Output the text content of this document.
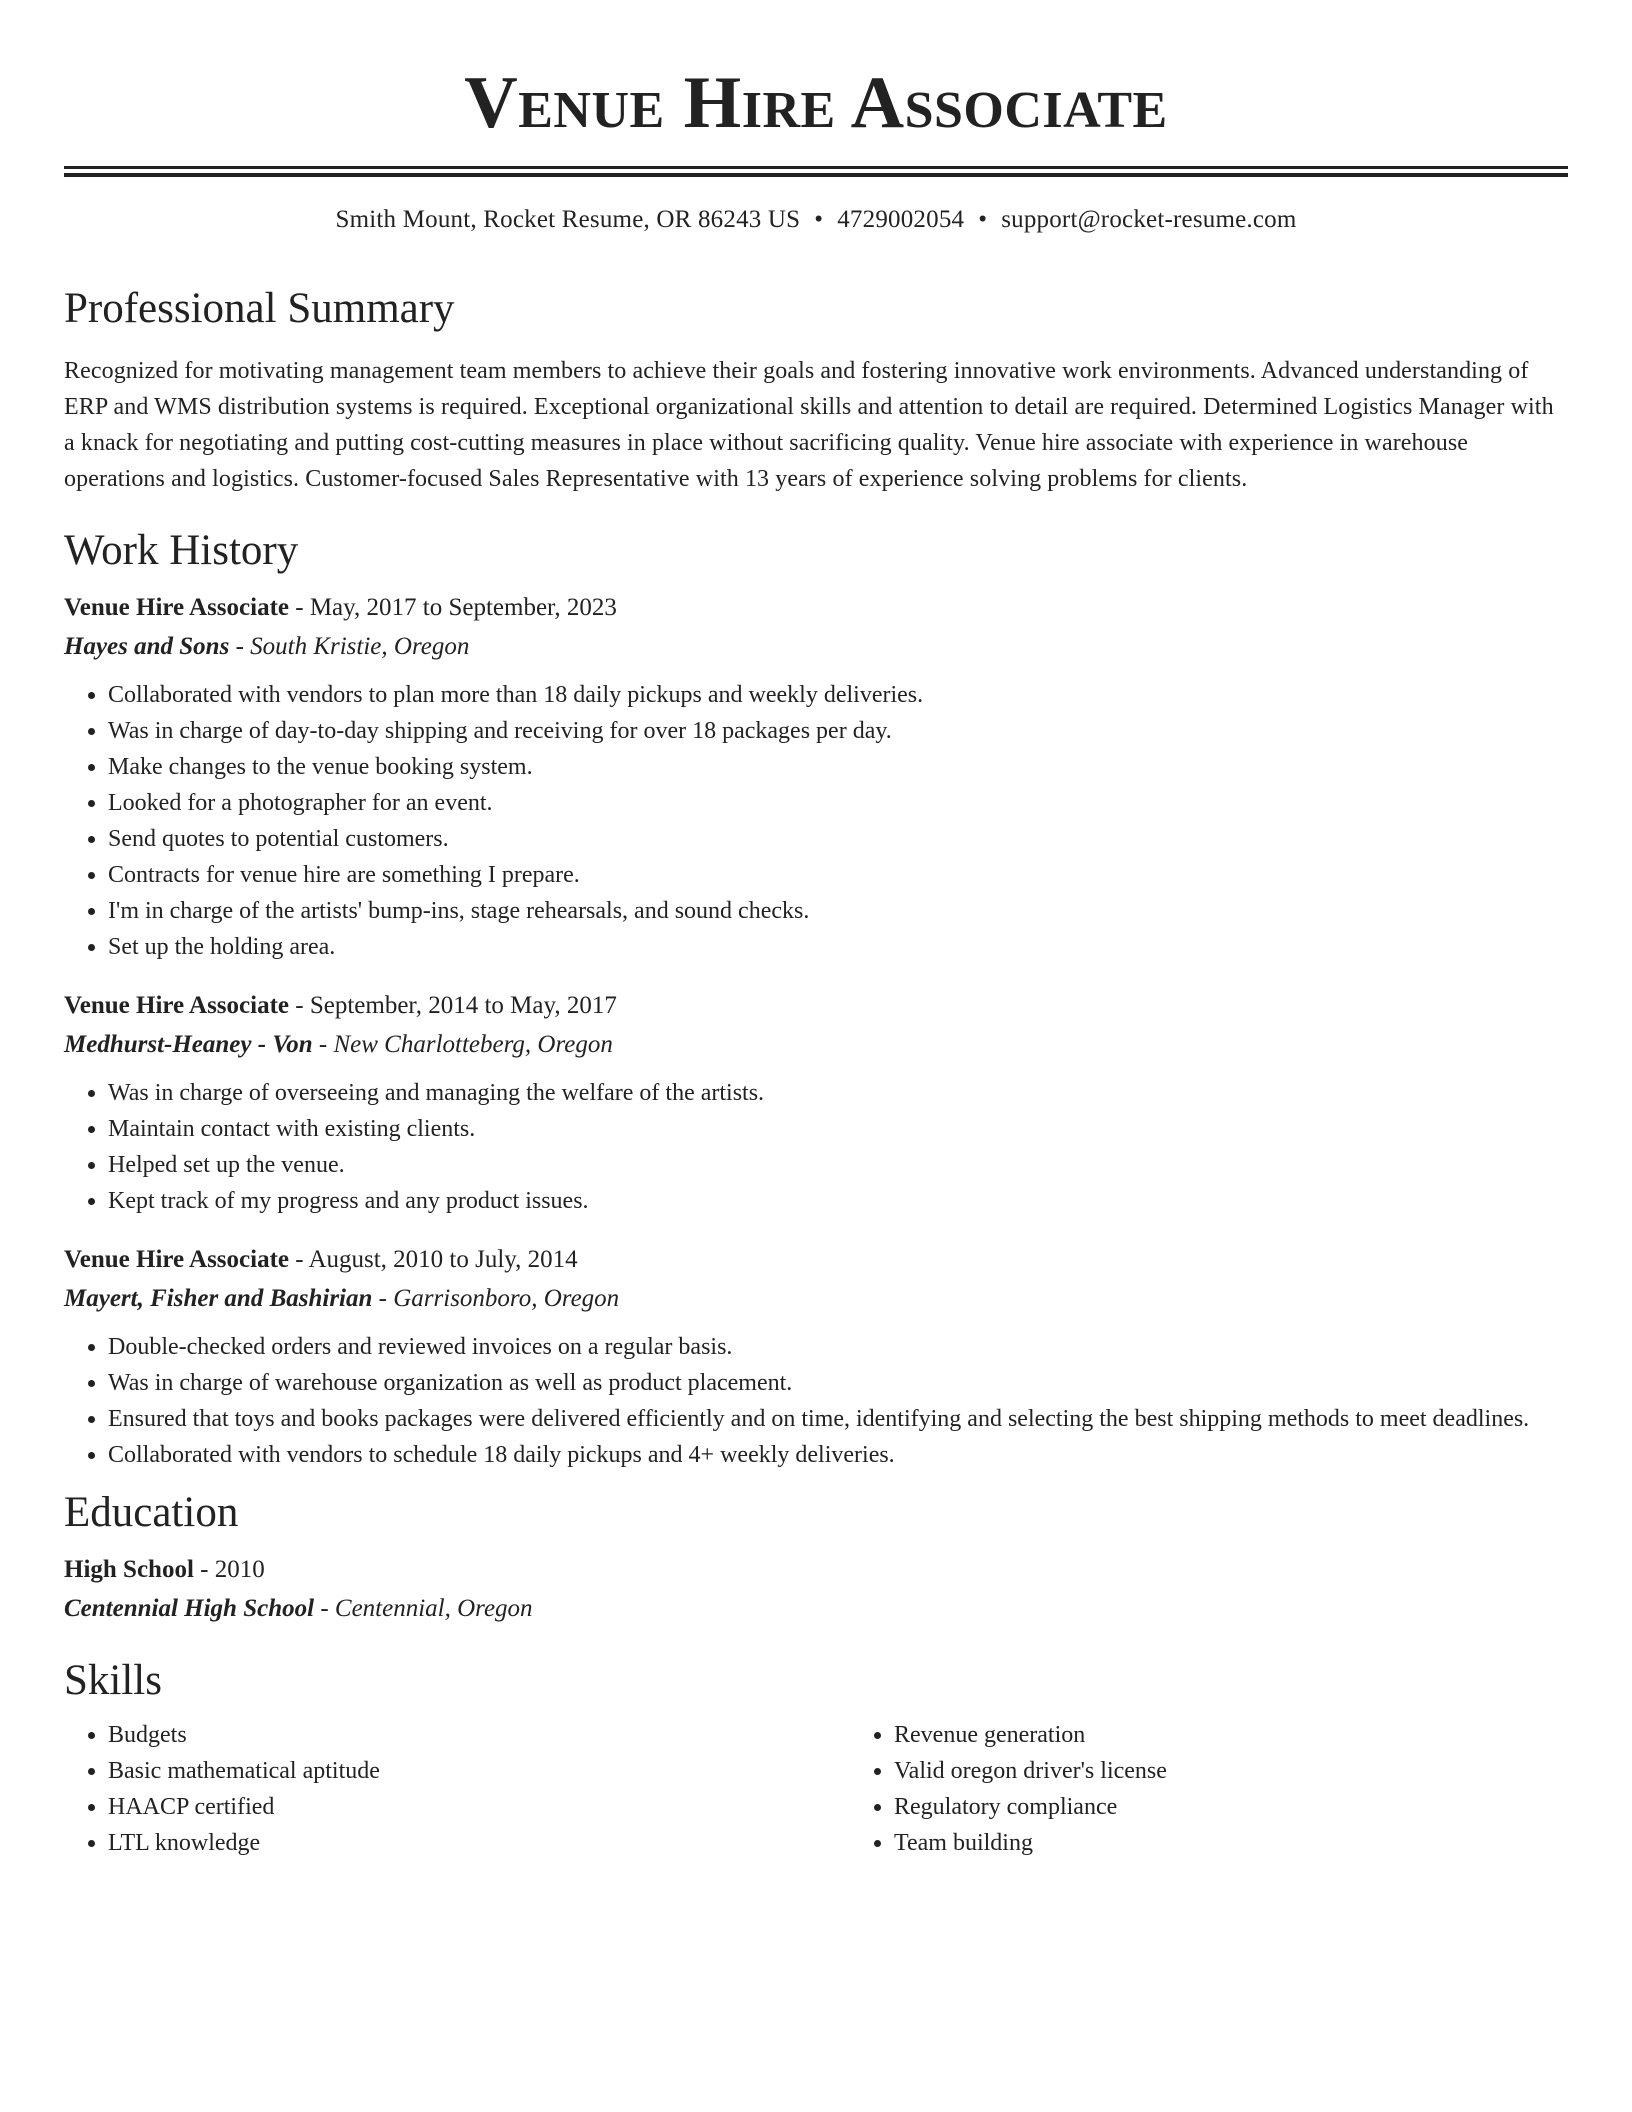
Venue Hire Associate
Smith Mount, Rocket Resume, OR 86243 US • 4729002054 • support@rocket-resume.com
Professional Summary

Recognized for motivating management team members to achieve their goals and fostering innovative work environments. Advanced understanding of ERP and WMS distribution systems is required. Exceptional organizational skills and attention to detail are required. Determined Logistics Manager with a knack for negotiating and putting cost-cutting measures in place without sacrificing quality. Venue hire associate with experience in warehouse operations and logistics. Customer-focused Sales Representative with 13 years of experience solving problems for clients.

Work History
Venue Hire Associate - May, 2017 to September, 2023
Hayes and Sons - South Kristie, Oregon
• Collaborated with vendors to plan more than 18 daily pickups and weekly deliveries.
• Was in charge of day-to-day shipping and receiving for over 18 packages per day.
• Make changes to the venue booking system.
• Looked for a photographer for an event.
• Send quotes to potential customers.
• Contracts for venue hire are something I prepare.
• I'm in charge of the artists' bump-ins, stage rehearsals, and sound checks.
• Set up the holding area.
Venue Hire Associate - September, 2014 to May, 2017
Medhurst-Heaney - Von - New Charlotteberg, Oregon
• Was in charge of overseeing and managing the welfare of the artists.
• Maintain contact with existing clients.
• Helped set up the venue.
• Kept track of my progress and any product issues.
Venue Hire Associate - August, 2010 to July, 2014
Mayert, Fisher and Bashirian - Garrisonboro, Oregon
• Double-checked orders and reviewed invoices on a regular basis.
• Was in charge of warehouse organization as well as product placement.
• Ensured that toys and books packages were delivered efficiently and on time, identifying and selecting the best shipping methods to meet deadlines.
• Collaborated with vendors to schedule 18 daily pickups and 4+ weekly deliveries.
Education
High School - 2010
Centennial High School - Centennial, Oregon
Skills
• Budgets
• Basic mathematical aptitude
• HAACP certified
• LTL knowledge
• Revenue generation
• Valid oregon driver's license
• Regulatory compliance
• Team building
